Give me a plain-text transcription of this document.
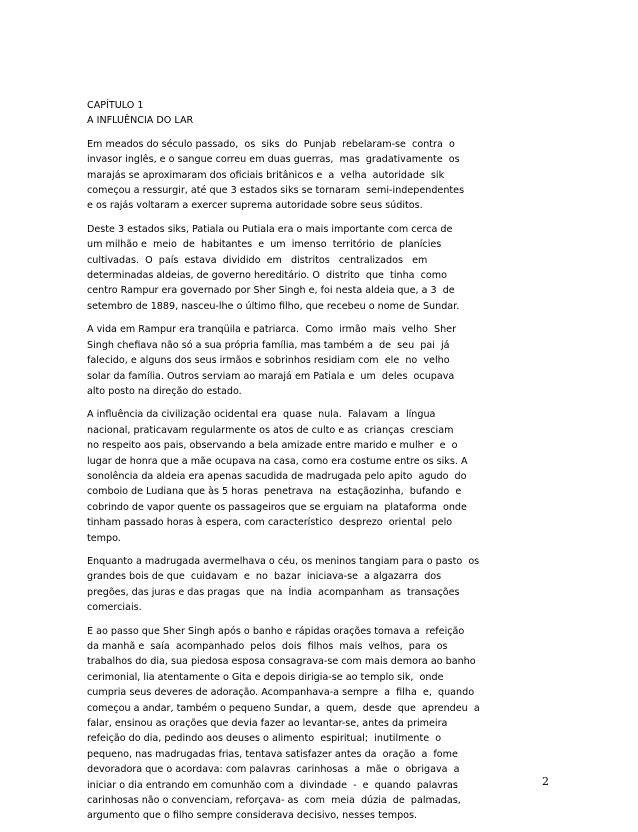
CAPÍTULO 1
A INFLUÊNCIA DO LAR
Em meados do século passado,  os  siks  do  Punjab  rebelaram-se  contra  o
invasor inglês, e o sangue correu em duas guerras,  mas  gradativamente  os
marajás se aproximaram dos oficiais britânicos e  a  velha  autoridade  sik
começou a ressurgir, até que 3 estados siks se tornaram  semi-independentes
e os rajás voltaram a exercer suprema autoridade sobre seus súditos.
Deste 3 estados siks, Patiala ou Putiala era o mais importante com cerca de
um milhão e  meio  de  habitantes  e  um  imenso  território  de  planícies
cultivadas.  O  país  estava  dividido  em   distritos   centralizados   em
determinadas aldeias, de governo hereditário. O  distrito  que  tinha  como
centro Rampur era governado por Sher Singh e, foi nesta aldeia que, a 3  de
setembro de 1889, nasceu-lhe o último filho, que recebeu o nome de Sundar.
A vida em Rampur era tranqüila e patriarca.  Como  irmão  mais  velho  Sher
Singh chefiava não só a sua própria família, mas também a  de  seu  pai  já
falecido, e alguns dos seus irmãos e sobrinhos residiam com  ele  no  velho
solar da família. Outros serviam ao marajá em Patiala e  um  deles  ocupava
alto posto na direção do estado.
A influência da civilização ocidental era  quase  nula.  Falavam  a  língua
nacional, praticavam regularmente os atos de culto e as  crianças  cresciam
no respeito aos pais, observando a bela amizade entre marido e mulher  e  o
lugar de honra que a mãe ocupava na casa, como era costume entre os siks. A
sonolência da aldeia era apenas sacudida de madrugada pelo apito  agudo  do
comboio de Ludiana que às 5 horas  penetrava  na  estaçãozinha,  bufando  e
cobrindo de vapor quente os passageiros que se erguiam na  plataforma  onde
tinham passado horas à espera, com característico  desprezo  oriental  pelo
tempo.
Enquanto a madrugada avermelhava o céu, os meninos tangiam para o pasto  os
grandes bois de que  cuidavam  e  no  bazar  iniciava-se  a algazarra  dos
pregões, das juras e das pragas  que  na  Índia  acompanham  as  transações
comerciais.
E ao passo que Sher Singh após o banho e rápidas orações tomava a  refeição
da manhã e  saía  acompanhado  pelos  dois  filhos  mais  velhos,  para  os
trabalhos do dia, sua piedosa esposa consagrava-se com mais demora ao banho
cerimonial, lia atentamente o Gita e depois dirigia-se ao templo sik,  onde
cumpria seus deveres de adoração. Acompanhava-a sempre  a  filha  e,  quando
começou a andar, também o pequeno Sundar, a  quem,  desde  que  aprendeu  a
falar, ensinou as orações que devia fazer ao levantar-se, antes da primeira
refeição do dia, pedindo aos deuses o alimento  espiritual;  inutilmente  o
pequeno, nas madrugadas frias, tentava satisfazer antes da  oração  a  fome
devoradora que o acordava: com palavras  carinhosas  a  mãe  o  obrigava  a
iniciar o dia entrando em comunhão com a  divindade  -  e  quando  palavras
carinhosas não o convenciam, reforçava- as  com  meia  dúzia  de  palmadas,
argumento que o filho sempre considerava decisivo, nesses tempos.
2
